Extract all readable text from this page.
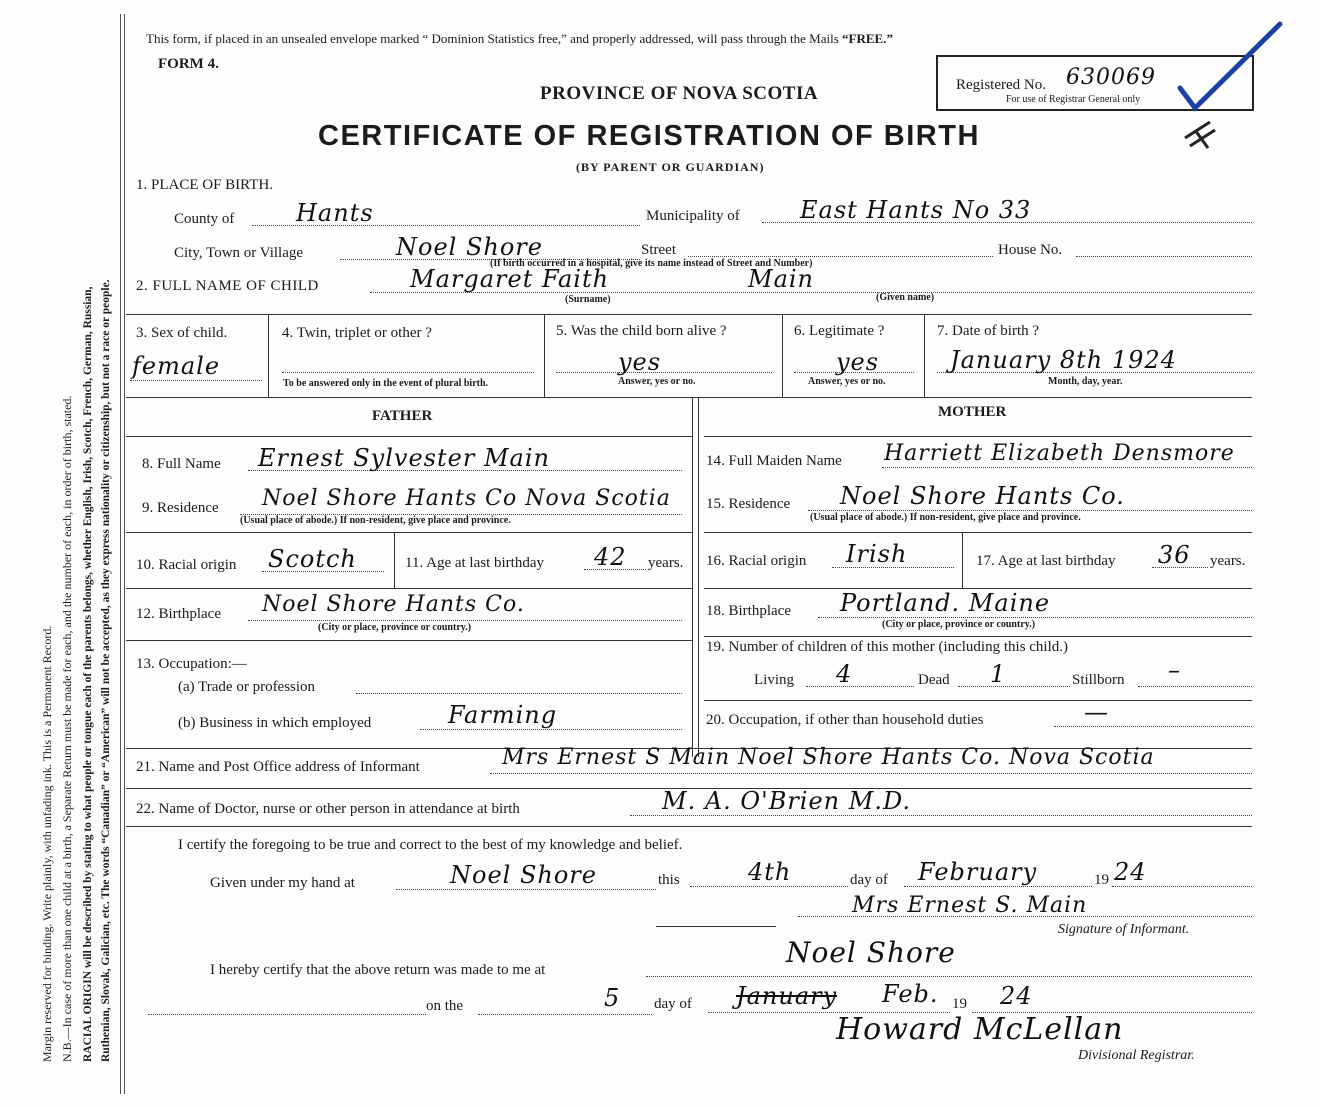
Margin reserved for binding. Write plainly, with unfading ink. This is a Permanent Record. N.B.—In case of more than one child at a birth, a Separate Return must be made for each, and the number of each, in order of birth, stated. RACIAL ORIGIN will be described by stating to what people or tongue each of the parents belongs, whether English, Irish, Scotch, French, German, Russian, Ruthenian, Slovak, Galician, etc. The words “Canadian” or “American” will not be accepted, as they express nationality or citizenship, but not a race or people.
This form, if placed in an unsealed envelope marked “ Dominion Statistics free,” and properly addressed, will pass through the Mails “FREE.”
FORM 4.
PROVINCE OF NOVA SCOTIA
CERTIFICATE OF REGISTRATION OF BIRTH
(BY PARENT OR GUARDIAN)
Registered No. 630069
For use of Registrar General only
1. PLACE OF BIRTH.
County of	Hants	Municipality of	East Hants No 33
City, Town or Village	Noel Shore	Street	House No.
(If birth occurred in a hospital, give its name instead of Street and Number)
2. FULL NAME OF CHILD	Margaret Faith	Main
(Surname)	(Given name)
3. Sex of child.
female
4. Twin, triplet or other ?
To be answered only in the event of plural birth.
5. Was the child born alive ?
yes
Answer, yes or no.
6. Legitimate ?
yes
Answer, yes or no.
7. Date of birth ?
January 8th 1924
Month, day, year.
FATHER	MOTHER
8. Full Name Ernest Sylvester Main
9. Residence Noel Shore Hants Co Nova Scotia
(Usual place of abode.) If non-resident, give place and province.
10. Racial origin Scotch	11. Age at last birthday 42 years.
12. Birthplace Noel Shore Hants Co.
(City or place, province or country.)
13. Occupation:—
(a) Trade or profession
(b) Business in which employed	Farming
14. Full Maiden Name Harriett Elizabeth Densmore
15. Residence Noel Shore Hants Co.
(Usual place of abode.) If non-resident, give place and province.
16. Racial origin Irish	17. Age at last birthday 36 years.
18. Birthplace Portland. Maine
(City or place, province or country.)
19. Number of children of this mother (including this child.)
Living 4	Dead 1	Stillborn –
20. Occupation, if other than household duties	—
21. Name and Post Office address of Informant	Mrs Ernest S Main Noel Shore Hants Co. Nova Scotia
22. Name of Doctor, nurse or other person in attendance at birth	M. A. O'Brien M.D.
I certify the foregoing to be true and correct to the best of my knowledge and belief.
Given under my hand at	Noel Shore	this	4th	day of February	19 24
Mrs Ernest S. Main
Signature of Informant.
Noel Shore
I hereby certify that the above return was made to me at
on the	5 day of January Feb. 19 24
Howard McLellan
Divisional Registrar.
